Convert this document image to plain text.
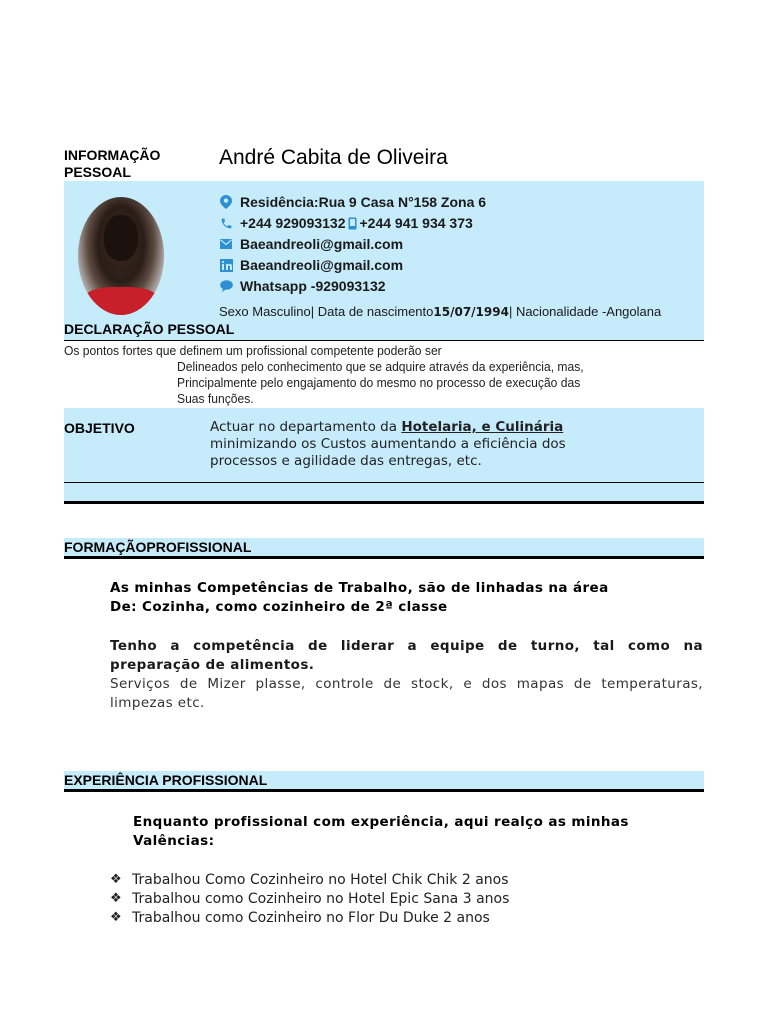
INFORMAÇÃO PESSOAL
André Cabita de Oliveira
Residência:Rua 9 Casa N°158 Zona 6
+244 929093132 +244 941 934 373
Baeandreoli@gmail.com
Baeandreoli@gmail.com
Whatsapp -929093132
Sexo Masculino| Data de nascimento15/07/1994| Nacionalidade -Angolana
DECLARAÇÃO PESSOAL
Os pontos fortes que definem um profissional competente poderão ser
Delineados pelo conhecimento que se adquire através da experiência, mas,
Principalmente pelo engajamento do mesmo no processo de execução das
Suas funções.
OBJETIVO	Actuar no departamento da Hotelaria, e Culinária
minimizando os Custos aumentando a eficiência dos
processos e agilidade das entregas, etc.
FORMAÇÃOPROFISSIONAL
As minhas Competências de Trabalho, são de linhadas na área
De: Cozinha, como cozinheiro de 2ª classe
Tenho a competência de liderar a equipe de turno, tal como na preparação de alimentos.
Serviços de Mizer plasse, controle de stock, e dos mapas de temperaturas, limpezas etc.
EXPERIÊNCIA PROFISSIONAL
Enquanto profissional com experiência, aqui realço as minhas
Valências:
❖ Trabalhou Como Cozinheiro no Hotel Chik Chik 2 anos
❖ Trabalhou como Cozinheiro no Hotel Epic Sana 3 anos
❖ Trabalhou como Cozinheiro no Flor Du Duke 2 anos
